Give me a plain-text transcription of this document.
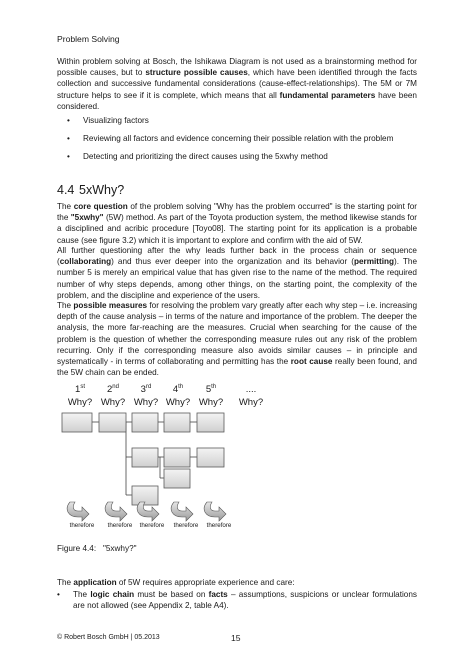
Problem Solving

Within problem solving at Bosch, the Ishikawa Diagram is not used as a brainstorming method for possible causes, but to structure possible causes, which have been identified through the facts collection and successive fundamental considerations (cause-effect-relationships). The 5M or 7M structure helps to see if it is complete, which means that all fundamental parameters have been considered.

• Visualizing factors
• Reviewing all factors and evidence concerning their possible relation with the problem
• Detecting and prioritizing the direct causes using the 5xwhy method
4.4 5xWhy?

The core question of the problem solving "Why has the problem occurred" is the starting point for the "5xwhy" (5W) method. As part of the Toyota production system, the method likewise stands for a disciplined and acribic procedure [Toyo08]. The starting point for its application is a probable cause (see figure 3.2) which it is important to explore and confirm with the aid of 5W.

All further questioning after the why leads further back in the process chain or sequence (collaborating) and thus ever deeper into the organization and its behavior (permitting). The number 5 is merely an empirical value that has given rise to the name of the method. The required number of why steps depends, among other things, on the starting point, the complexity of the problem, and the discipline and experience of the users.

The possible measures for resolving the problem vary greatly after each why step – i.e. increasing depth of the cause analysis – in terms of the nature and importance of the problem. The deeper the analysis, the more far-reaching are the measures. Crucial when searching for the cause of the problem is the question of whether the corresponding measure rules out any risk of the problem recurring. Only if the corresponding measure also avoids similar causes – in principle and systematically - in terms of collaborating and permitting has the root cause really been found, and the 5W chain can be ended.

1st
Why?
2nd
Why?
3rd
Why?
4th
Why?
5th
Why?
....
Why?
therefore therefore therefore therefore therefore
Figure 4.4:   "5xwhy?"

The application of 5W requires appropriate experience and care:

• The logic chain must be based on facts – assumptions, suspicions or unclear formulations are not allowed (see Appendix 2, table A4).
© Robert Bosch GmbH | 05.2013	15
